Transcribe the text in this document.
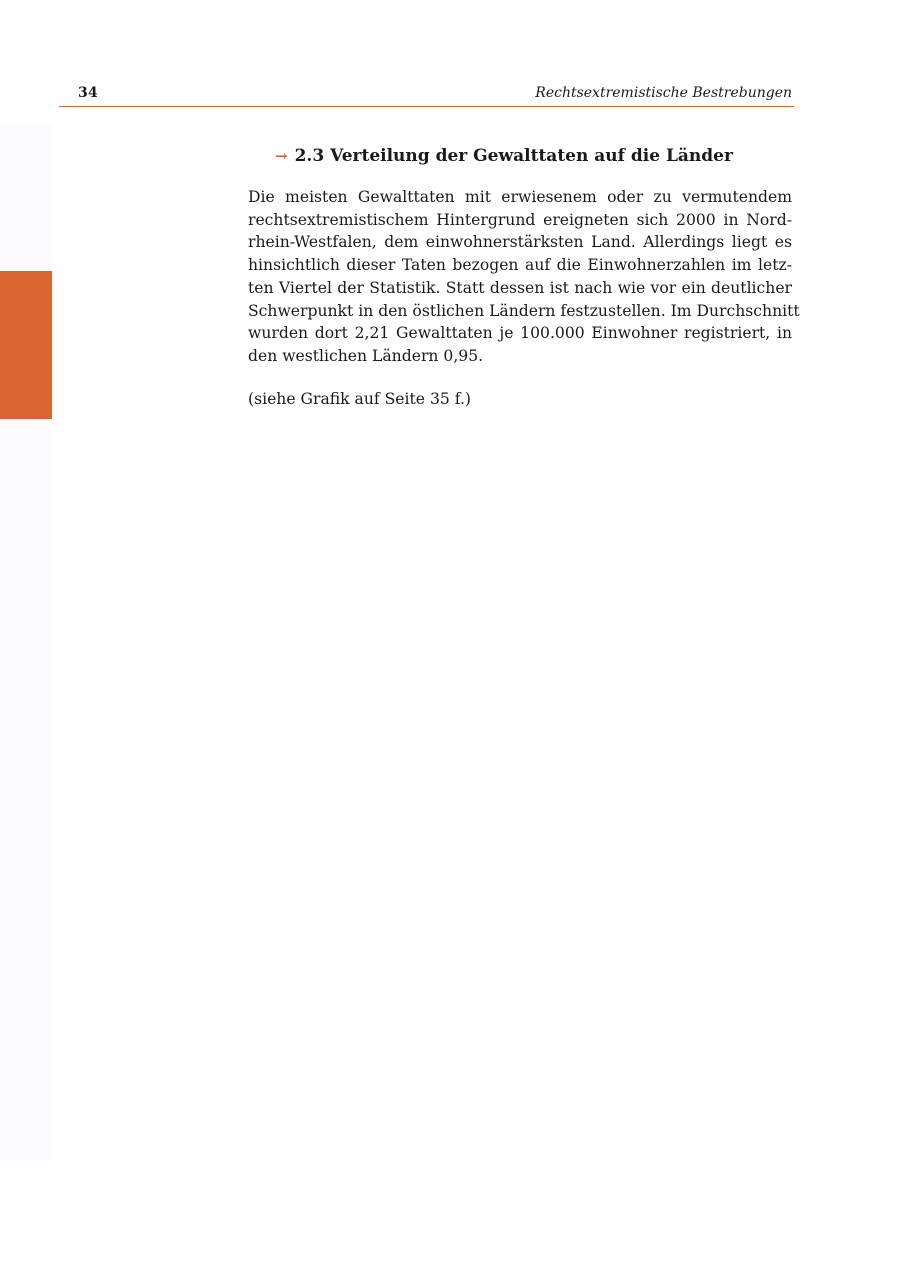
34	Rechtsextremistische Bestrebungen
→ 2.3 Verteilung der Gewalttaten auf die Länder
Die meisten Gewalttaten mit erwiesenem oder zu vermutendem
rechtsextremistischem Hintergrund ereigneten sich 2000 in Nord-
rhein-Westfalen, dem einwohnerstärksten Land. Allerdings liegt es
hinsichtlich dieser Taten bezogen auf die Einwohnerzahlen im letz-
ten Viertel der Statistik. Statt dessen ist nach wie vor ein deutlicher
Schwerpunkt in den östlichen Ländern festzustellen. Im Durchschnitt
wurden dort 2,21 Gewalttaten je 100.000 Einwohner registriert, in
den westlichen Ländern 0,95.
(siehe Grafik auf Seite 35 f.)
